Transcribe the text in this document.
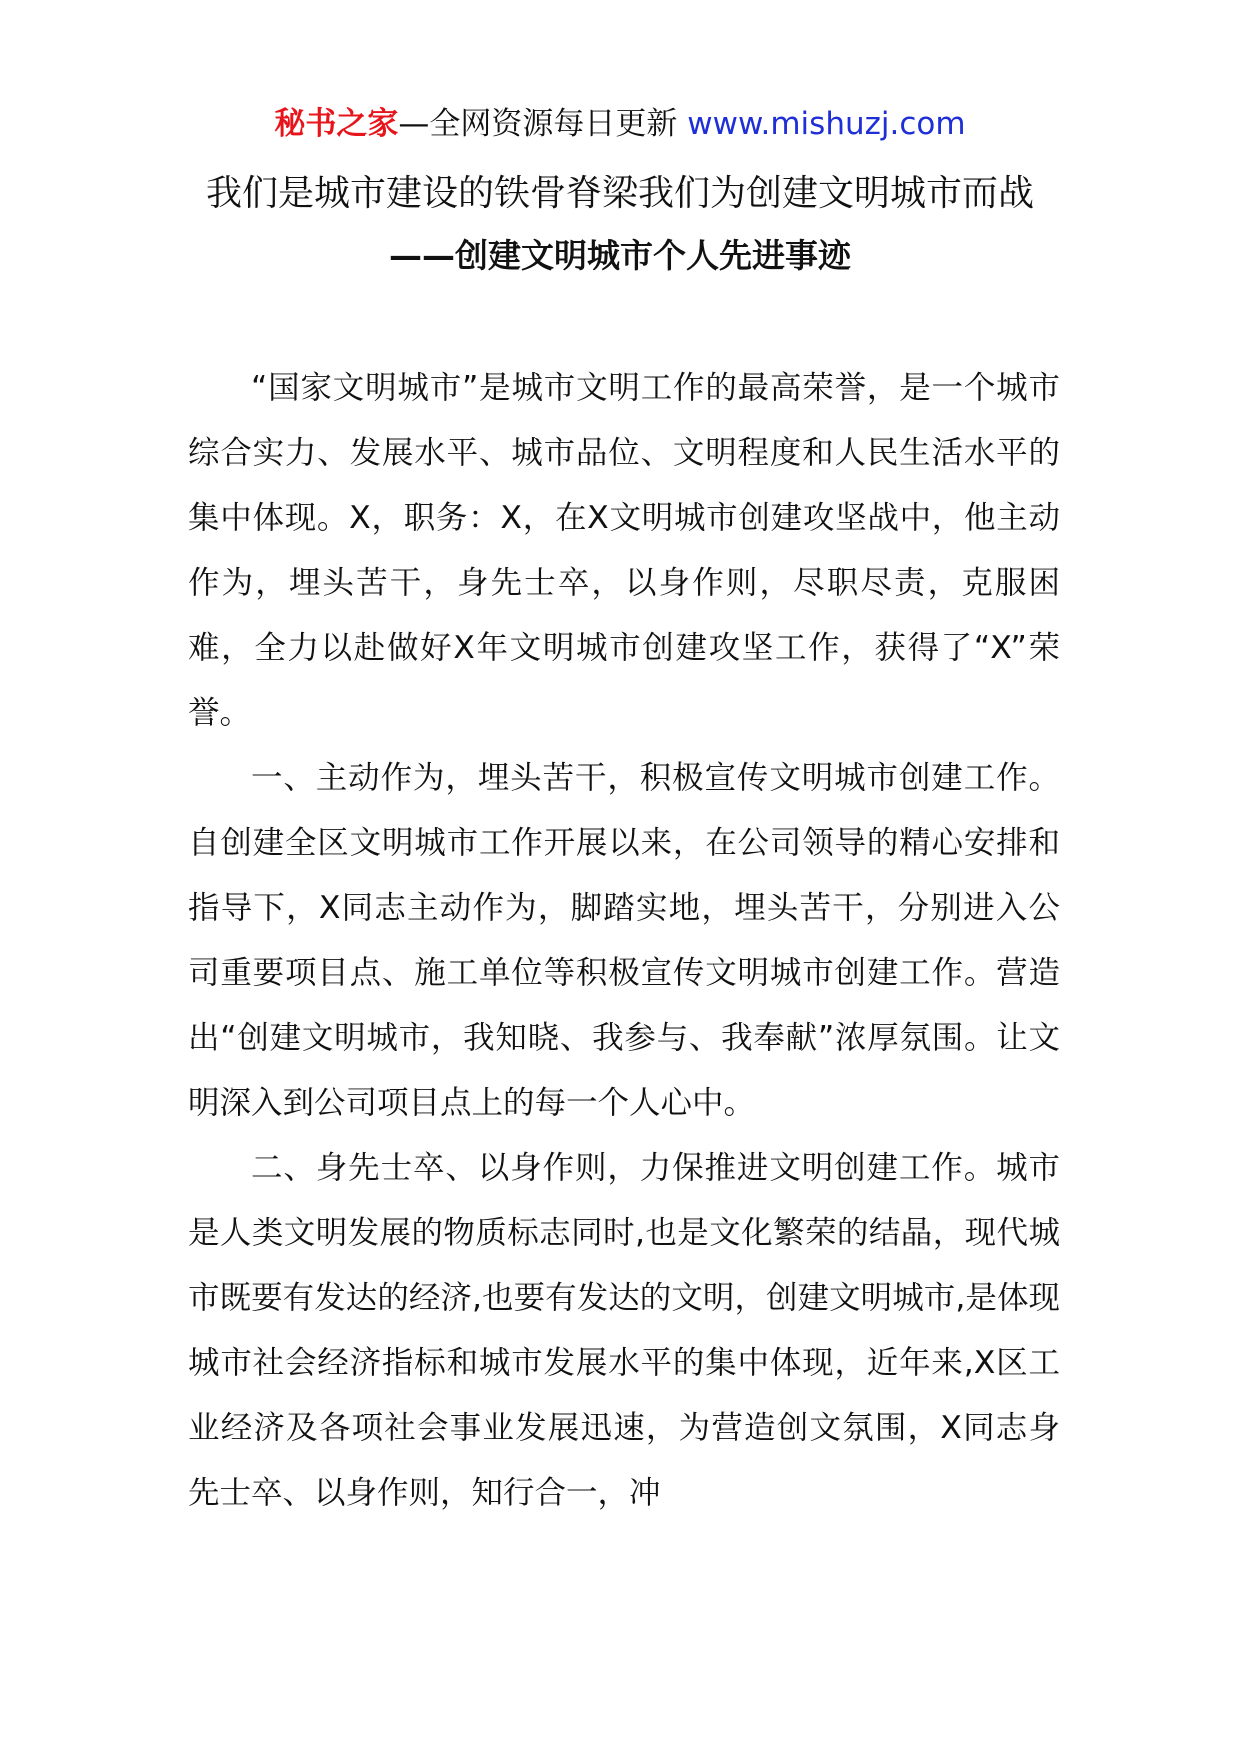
秘书之家—全网资源每日更新 www.mishuzj.com
我们是城市建设的铁骨脊梁我们为创建文明城市而战
——创建文明城市个人先进事迹

“国家文明城市”是城市文明工作的最高荣誉，是一个城市综合实力、发展水平、城市品位、文明程度和人民生活水平的集中体现。X，职务：X，在X文明城市创建攻坚战中，他主动作为，埋头苦干，身先士卒，以身作则，尽职尽责，克服困难，全力以赴做好X年文明城市创建攻坚工作，获得了“X”荣誉。

一、主动作为，埋头苦干，积极宣传文明城市创建工作。自创建全区文明城市工作开展以来，在公司领导的精心安排和指导下，X同志主动作为，脚踏实地，埋头苦干，分别进入公司重要项目点、施工单位等积极宣传文明城市创建工作。营造出“创建文明城市，我知晓、我参与、我奉献”浓厚氛围。让文明深入到公司项目点上的每一个人心中。

二、身先士卒、以身作则，力保推进文明创建工作。城市是人类文明发展的物质标志同时,也是文化繁荣的结晶，现代城市既要有发达的经济,也要有发达的文明，创建文明城市,是体现城市社会经济指标和城市发展水平的集中体现，近年来,X区工业经济及各项社会事业发展迅速，为营造创文氛围，X同志身先士卒、以身作则，知行合一，冲
